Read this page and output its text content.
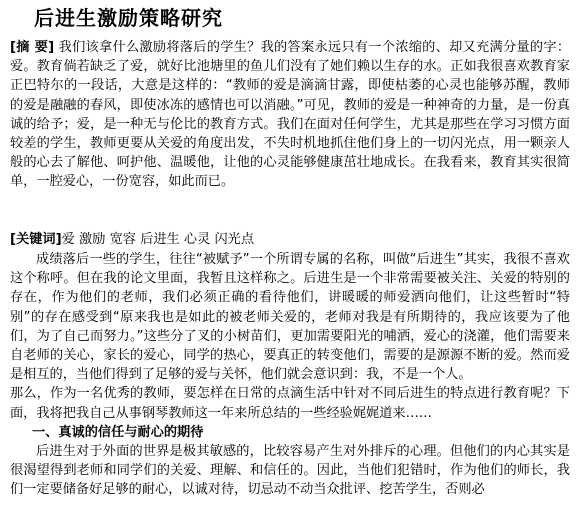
后进生激励策略研究
[摘 要] 我们该拿什么激励将落后的学生？我的答案永远只有一个浓缩的、却又充满分量的字：爱。教育倘若缺乏了爱，就好比池塘里的鱼儿们没有了她们赖以生存的水。正如我很喜欢教育家正巴特尔的一段话，大意是这样的：“教师的爱是滴滴甘露，即使枯萎的心灵也能够苏醒，教师的爱是融融的春风，即使冰冻的感情也可以消融。”可见，教师的爱是一种神奇的力量，是一份真诚的给予；爱，是一种无与伦比的教育方式。我们在面对任何学生，尤其是那些在学习习惯方面较差的学生，教师更要从关爱的角度出发，不失时机地抓住他们身上的一切闪光点，用一颗亲人般的心去了解他、呵护他、温暖他，让他的心灵能够健康茁壮地成长。在我看来，教育其实很简单，一腔爱心，一份宽容，如此而已。
[关键词]爱 激励 宽容 后进生 心灵 闪光点

成绩落后一些的学生，往往“被赋予”一个所谓专属的名称，叫做“后进生”其实，我很不喜欢这个称呼。但在我的论文里面，我暂且这样称之。后进生是一个非常需要被关注、关爱的特别的存在，作为他们的老师，我们必须正确的看待他们，讲暖暖的师爱洒向他们，让这些暂时“特别”的存在感受到“原来我也是如此的被老师关爱的，老师对我是有所期待的，我应该要为了他们，为了自己而努力。”这些分了叉的小树苗们，更加需要阳光的哺洒，爱心的浇灌，他们需要来自老师的关心，家长的爱心，同学的热心，要真正的转变他们，需要的是源源不断的爱。然而爱是相互的，当他们得到了足够的爱与关怀，他们就会意识到：我，不是一个人。

那么，作为一名优秀的教师，要怎样在日常的点滴生活中针对不同后进生的特点进行教育呢？下面，我将把我自己从事钢琴教师这一年来所总结的一些经验娓娓道来……

一、真诚的信任与耐心的期待

后进生对于外面的世界是极其敏感的，比较容易产生对外排斥的心理。但他们的内心其实是很渴望得到老师和同学们的关爱、理解、和信任的。因此，当他们犯错时，作为他们的师长，我们一定要储备好足够的耐心，以诚对待，切忌动不动当众批评、挖苦学生，否则必
